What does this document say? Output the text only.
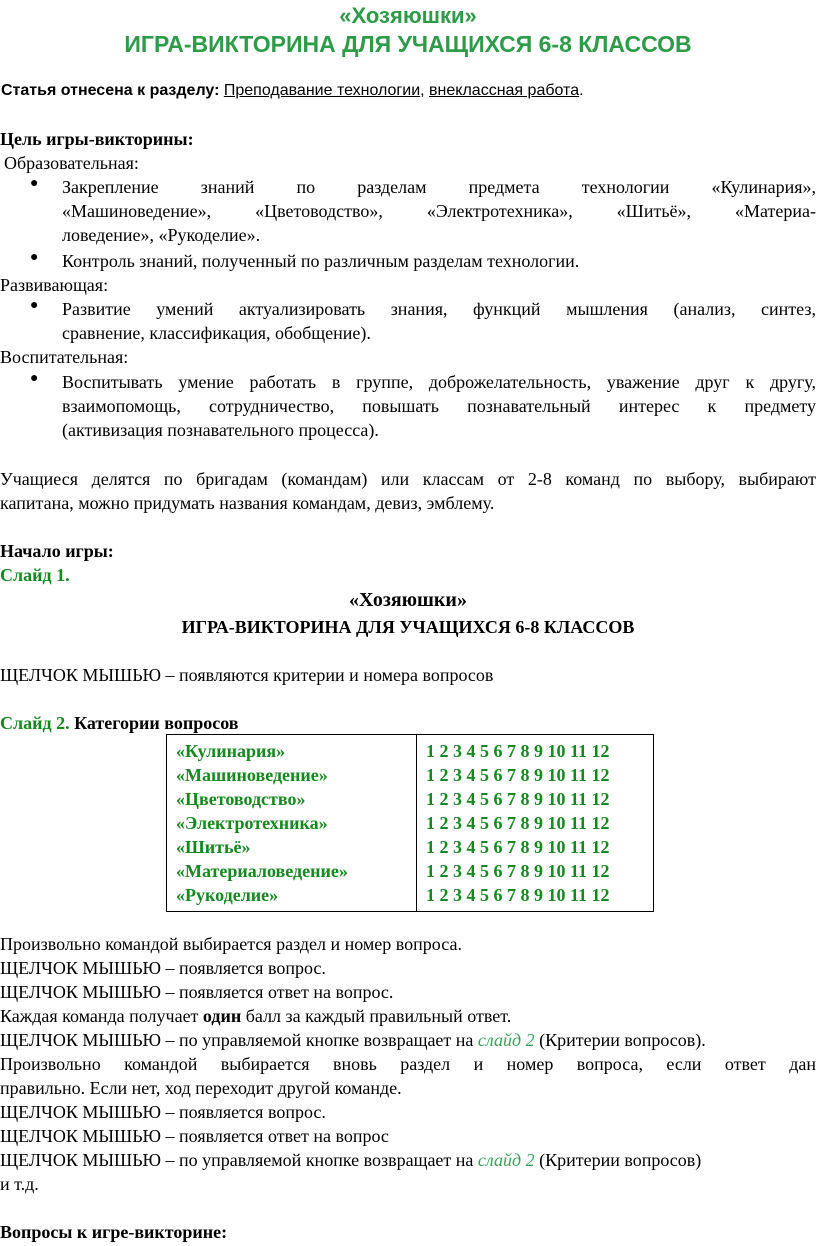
«Хозяюшки»
ИГРА-ВИКТОРИНА ДЛЯ УЧАЩИХСЯ 6-8 КЛАССОВ
Статья отнесена к разделу: Преподавание технологии, внеклассная работа.
Цель игры-викторины:
Образовательная:
● Закрепление знаний по разделам предмета технологии «Кулинария»,
«Машиноведение», «Цветоводство», «Электротехника», «Шитьё», «Материа-
ловедение», «Рукоделие».
● Контроль знаний, полученный по различным разделам технологии.
Развивающая:
● Развитие умений актуализировать знания, функций мышления (анализ, синтез,
сравнение, классификация, обобщение).
Воспитательная:
● Воспитывать умение работать в группе, доброжелательность, уважение друг к другу,
взаимопомощь, сотрудничество, повышать познавательный интерес к предмету
(активизация познавательного процесса).
Учащиеся делятся по бригадам (командам) или классам от 2-8 команд по выбору, выбирают
капитана, можно придумать названия командам, девиз, эмблему.
Начало игры:
Слайд 1.
«Хозяюшки»
ИГРА-ВИКТОРИНА ДЛЯ УЧАЩИХСЯ 6-8 КЛАССОВ
ЩЕЛЧОК МЫШЬЮ – появляются критерии и номера вопросов
Слайд 2. Категории вопросов
«Кулинария»	1 2 3 4 5 6 7 8 9 10 11 12
«Машиноведение»	1 2 3 4 5 6 7 8 9 10 11 12
«Цветоводство»	1 2 3 4 5 6 7 8 9 10 11 12
«Электротехника»	1 2 3 4 5 6 7 8 9 10 11 12
«Шитьё»	1 2 3 4 5 6 7 8 9 10 11 12
«Материаловедение»	1 2 3 4 5 6 7 8 9 10 11 12
«Рукоделие»	1 2 3 4 5 6 7 8 9 10 11 12
Произвольно командой выбирается раздел и номер вопроса.
ЩЕЛЧОК МЫШЬЮ – появляется вопрос.
ЩЕЛЧОК МЫШЬЮ – появляется ответ на вопрос.
Каждая команда получает один балл за каждый правильный ответ.
ЩЕЛЧОК МЫШЬЮ – по управляемой кнопке возвращает на слайд 2 (Критерии вопросов).
Произвольно командой выбирается вновь раздел и номер вопроса, если ответ дан
правильно. Если нет, ход переходит другой команде.
ЩЕЛЧОК МЫШЬЮ – появляется вопрос.
ЩЕЛЧОК МЫШЬЮ – появляется ответ на вопрос
ЩЕЛЧОК МЫШЬЮ – по управляемой кнопке возвращает на слайд 2 (Критерии вопросов)
и т.д.
Вопросы к игре-викторине:
